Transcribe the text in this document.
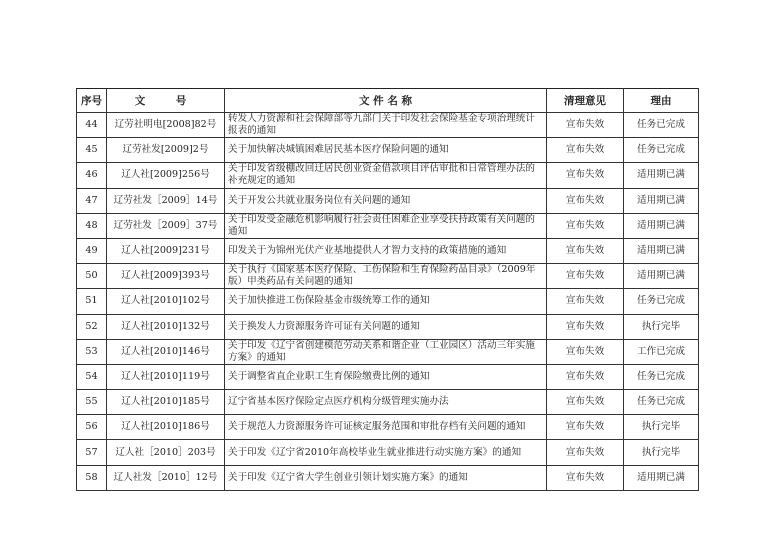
序号	文　号	文 件 名 称	清理意见	理由
44	辽劳社明电[2008]82号	转发人力资源和社会保障部等九部门关于印发社会保险基金专项治理统计报表的通知	宣布失效	任务已完成
45	辽劳社发[2009]2号	关于加快解决城镇困难居民基本医疗保险问题的通知	宣布失效	任务已完成
46	辽人社[2009]256号	关于印发省级棚改回迁居民创业资金借款项目评估审批和日常管理办法的补充规定的通知	宣布失效	适用期已满
47	辽劳社发［2009］14号	关于开发公共就业服务岗位有关问题的通知	宣布失效	适用期已满
48	辽劳社发［2009］37号	关于印发受金融危机影响履行社会责任困难企业享受扶持政策有关问题的通知	宣布失效	适用期已满
49	辽人社[2009]231号	印发关于为锦州光伏产业基地提供人才智力支持的政策措施的通知	宣布失效	适用期已满
50	辽人社[2009]393号	关于执行《国家基本医疗保险、工伤保险和生育保险药品目录》（2009年版）甲类药品有关问题的通知	宣布失效	适用期已满
51	辽人社[2010]102号	关于加快推进工伤保险基金市级统筹工作的通知	宣布失效	任务已完成
52	辽人社[2010]132号	关于换发人力资源服务许可证有关问题的通知	宣布失效	执行完毕
53	辽人社[2010]146号	关于印发《辽宁省创建模范劳动关系和谐企业（工业园区）活动三年实施方案》的通知	宣布失效	工作已完成
54	辽人社[2010]119号	关于调整省直企业职工生育保险缴费比例的通知	宣布失效	任务已完成
55	辽人社[2010]185号	辽宁省基本医疗保险定点医疗机构分级管理实施办法	宣布失效	任务已完成
56	辽人社[2010]186号	关于规范人力资源服务许可证核定服务范围和审批存档有关问题的通知	宣布失效	执行完毕
57	辽人社［2010］203号	关于印发《辽宁省2010年高校毕业生就业推进行动实施方案》的通知	宣布失效	执行完毕
58	辽人社发［2010］12号	关于印发《辽宁省大学生创业引领计划实施方案》的通知	宣布失效	适用期已满
